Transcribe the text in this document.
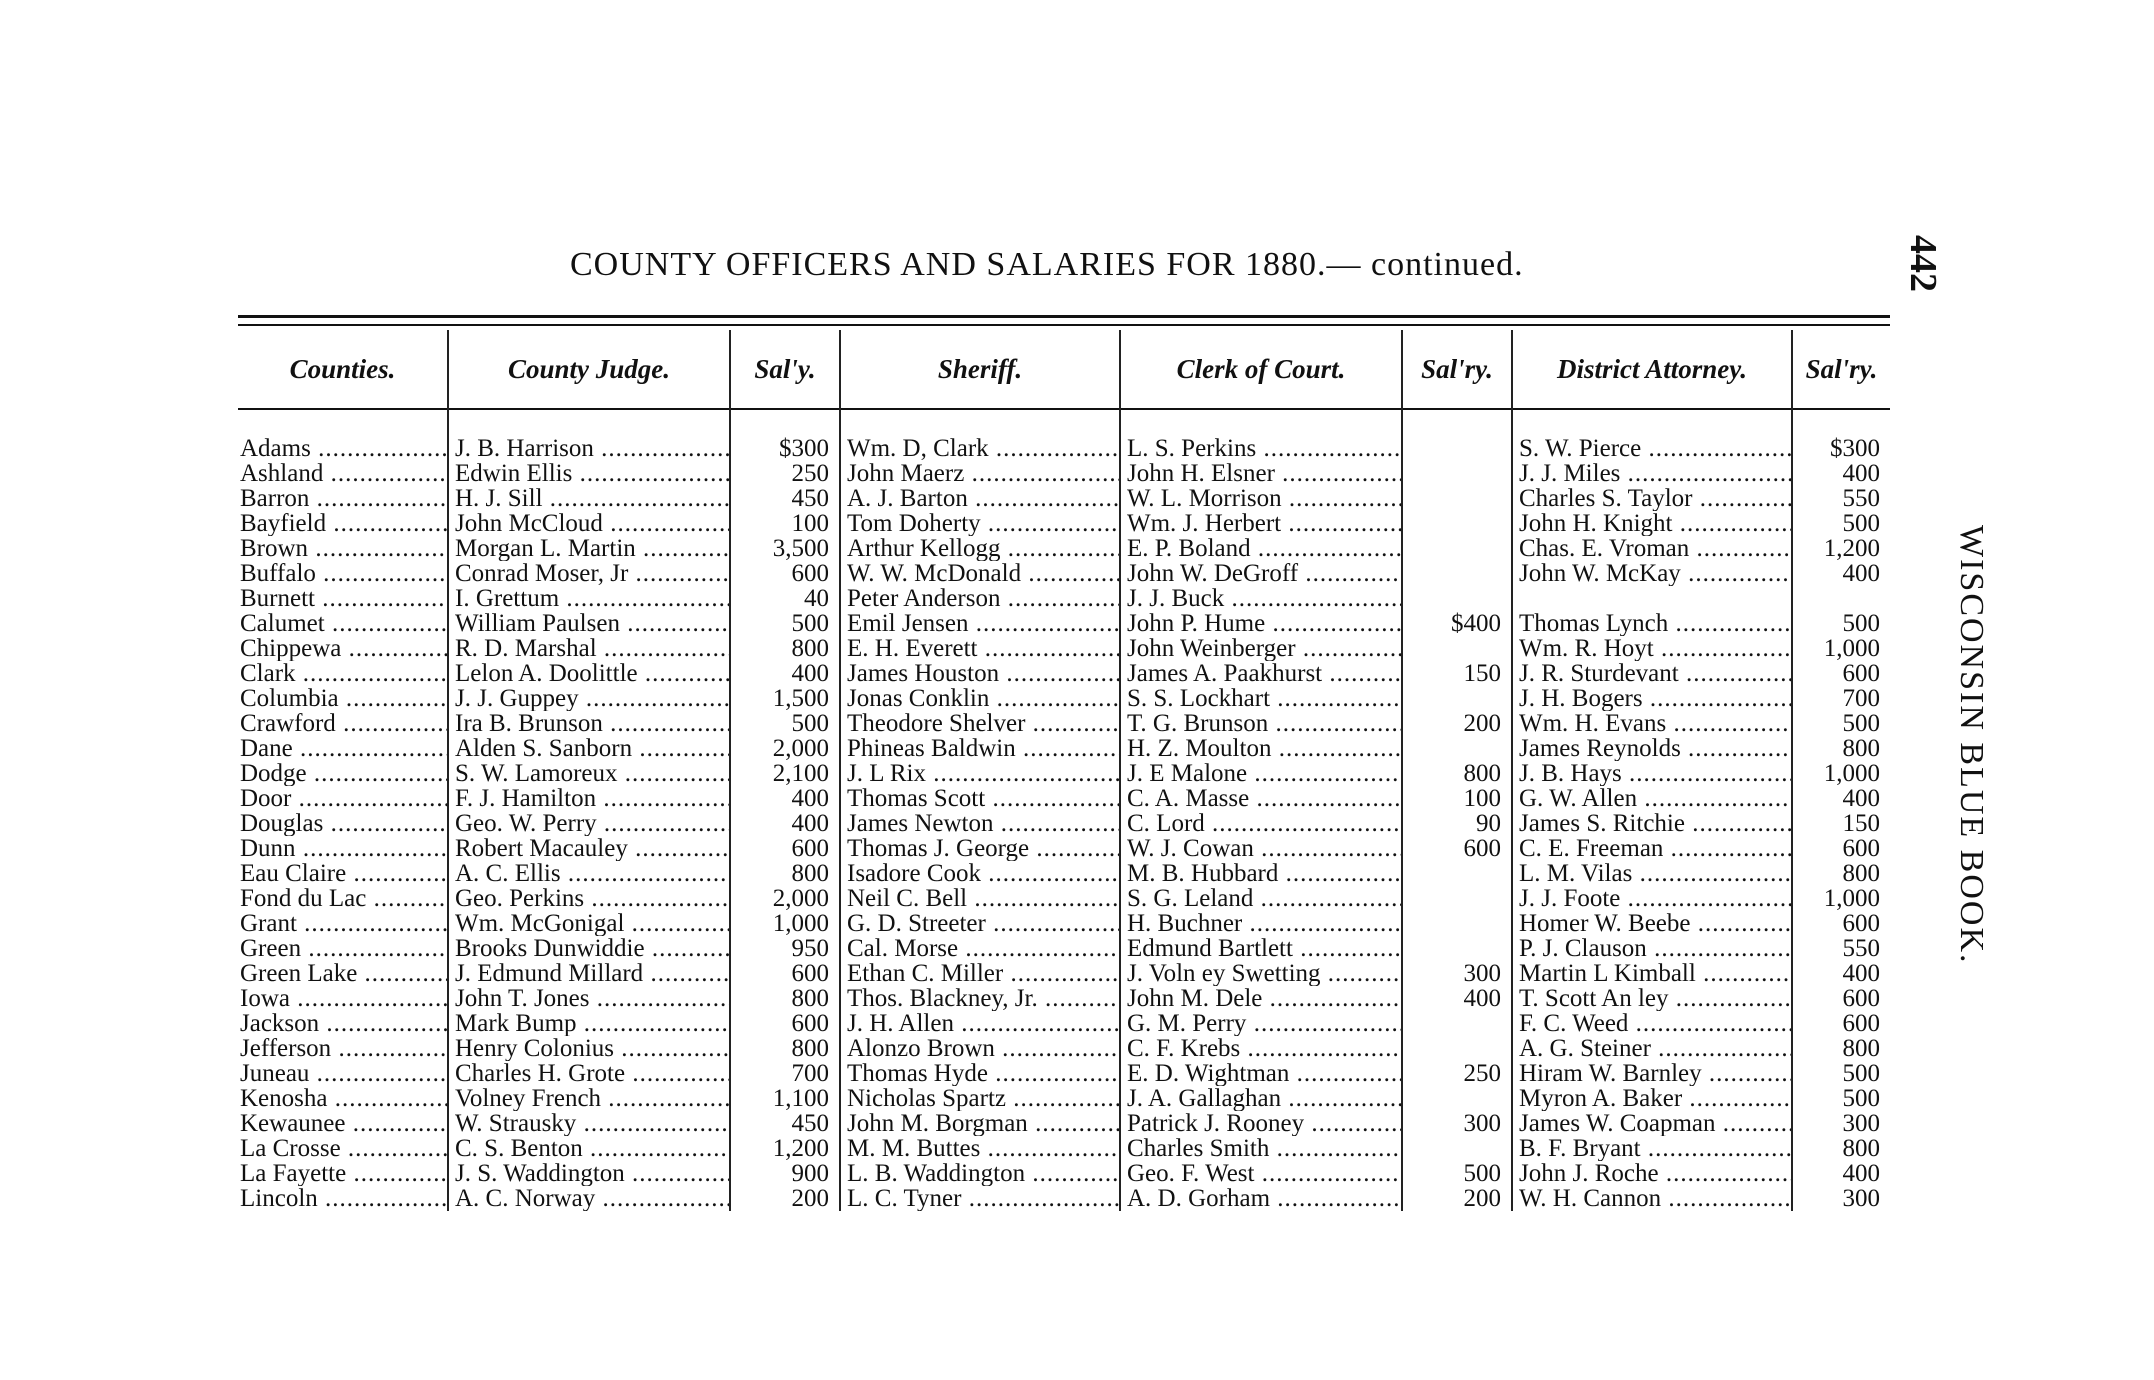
COUNTY OFFICERS AND SALARIES FOR 1880.— continued.	442
WISCONSIN BLUE BOOK.
Counties.	County Judge.	Sal'y.	Sheriff.	Clerk of Court.	Sal'ry.	District Attorney.	Sal'ry.
Adams .....	J. B. Harrison .....	$300	Wm. D, Clark .....	L. S. Perkins .....		S. W. Pierce .....	$300
Ashland .....	Edwin Ellis .....	250	John Maerz .....	John H. Elsner .....		J. J. Miles .....	400
Barron .....	H. J. Sill .....	450	A. J. Barton .....	W. L. Morrison .....		Charles S. Taylor .....	550
Bayfield .....	John McCloud .....	100	Tom Doherty .....	Wm. J. Herbert .....		John H. Knight .....	500
Brown .....	Morgan L. Martin .....	3,500	Arthur Kellogg .....	E. P. Boland .....		Chas. E. Vroman .....	1,200
Buffalo .....	Conrad Moser, Jr .....	600	W. W. McDonald .....	John W. DeGroff .....		John W. McKay .....	400
Burnett .....	I. Grettum .....	40	Peter Anderson .....	J. J. Buck .....			
Calumet .....	William Paulsen .....	500	Emil Jensen .....	John P. Hume .....	$400	Thomas Lynch .....	500
Chippewa .....	R. D. Marshal .....	800	E. H. Everett .....	John Weinberger .....		Wm. R. Hoyt .....	1,000
Clark .....	Lelon A. Doolittle .....	400	James Houston .....	James A. Paakhurst .....	150	J. R. Sturdevant .....	600
Columbia .....	J. J. Guppey .....	1,500	Jonas Conklin .....	S. S. Lockhart .....		J. H. Bogers .....	700
Crawford .....	Ira B. Brunson .....	500	Theodore Shelver .....	T. G. Brunson .....	200	Wm. H. Evans .....	500
Dane .....	Alden S. Sanborn .....	2,000	Phineas Baldwin .....	H. Z. Moulton .....		James Reynolds .....	800
Dodge .....	S. W. Lamoreux .....	2,100	J. L Rix .....	J. E Malone .....	800	J. B. Hays .....	1,000
Door .....	F. J. Hamilton .....	400	Thomas Scott .....	C. A. Masse .....	100	G. W. Allen .....	400
Douglas .....	Geo. W. Perry .....	400	James Newton .....	C. Lord .....	90	James S. Ritchie .....	150
Dunn .....	Robert Macauley .....	600	Thomas J. George .....	W. J. Cowan .....	600	C. E. Freeman .....	600
Eau Claire .....	A. C. Ellis .....	800	Isadore Cook .....	M. B. Hubbard .....		L. M. Vilas .....	800
Fond du Lac .....	Geo. Perkins .....	2,000	Neil C. Bell .....	S. G. Leland .....		J. J. Foote .....	1,000
Grant .....	Wm. McGonigal .....	1,000	G. D. Streeter .....	H. Buchner .....		Homer W. Beebe .....	600
Green .....	Brooks Dunwiddie .....	950	Cal. Morse .....	Edmund Bartlett .....		P. J. Clauson .....	550
Green Lake .....	J. Edmund Millard .....	600	Ethan C. Miller .....	J. Voln ey Swetting .....	300	Martin L Kimball .....	400
Iowa .....	John T. Jones .....	800	Thos. Blackney, Jr. .....	John M. Dele .....	400	T. Scott An ley .....	600
Jackson .....	Mark Bump .....	600	J. H. Allen .....	G. M. Perry .....		F. C. Weed .....	600
Jefferson .....	Henry Colonius .....	800	Alonzo Brown .....	C. F. Krebs .....		A. G. Steiner .....	800
Juneau .....	Charles H. Grote .....	700	Thomas Hyde .....	E. D. Wightman .....	250	Hiram W. Barnley .....	500
Kenosha .....	Volney French .....	1,100	Nicholas Spartz .....	J. A. Gallaghan .....		Myron A. Baker .....	500
Kewaunee .....	W. Strausky .....	450	John M. Borgman .....	Patrick J. Rooney .....	300	James W. Coapman .....	300
La Crosse .....	C. S. Benton .....	1,200	M. M. Buttes .....	Charles Smith .....		B. F. Bryant .....	800
La Fayette .....	J. S. Waddington .....	900	L. B. Waddington .....	Geo. F. West .....	500	John J. Roche .....	400
Lincoln .....	A. C. Norway .....	200	L. C. Tyner .....	A. D. Gorham .....	200	W. H. Cannon .....	300
